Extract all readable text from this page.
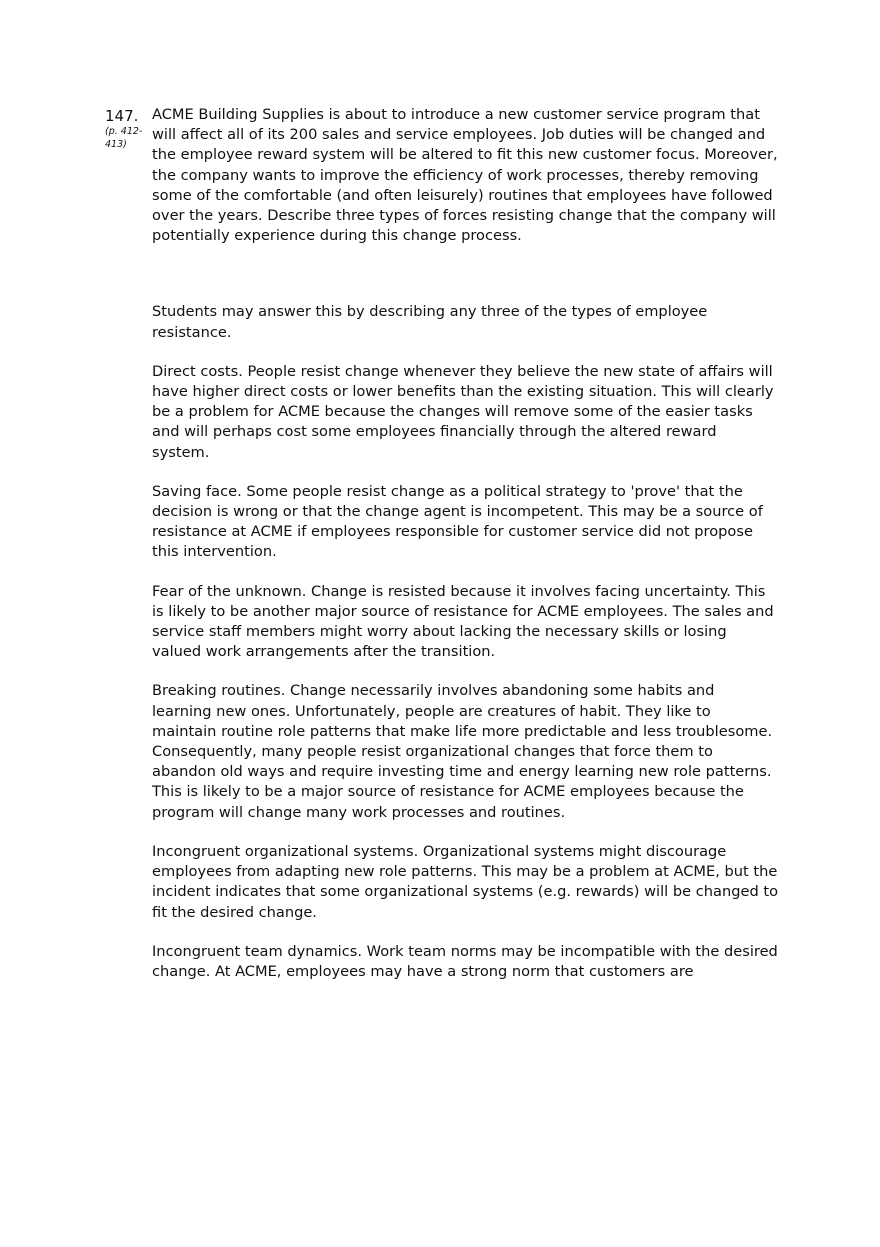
147.
(p. 412-413)

ACME Building Supplies is about to introduce a new customer service program that will affect all of its 200 sales and service employees. Job duties will be changed and the employee reward system will be altered to fit this new customer focus. Moreover, the company wants to improve the efﬁciency of work processes, thereby removing some of the comfortable (and often leisurely) routines that employees have followed over the years. Describe three types of forces resisting change that the company will potentially experience during this change process.

Students may answer this by describing any three of the types of employee resistance.

Direct costs. People resist change whenever they believe the new state of affairs will have higher direct costs or lower benefits than the existing situation. This will clearly be a problem for ACME because the changes will remove some of the easier tasks and will perhaps cost some employees financially through the altered reward system.

Saving face. Some people resist change as a political strategy to 'prove' that the decision is wrong or that the change agent is incompetent. This may be a source of resistance at ACME if employees responsible for customer service did not propose this intervention.

Fear of the unknown. Change is resisted because it involves facing uncertainty. This is likely to be another major source of resistance for ACME employees. The sales and service staff members might worry about lacking the necessary skills or losing valued work arrangements after the transition.

Breaking routines. Change necessarily involves abandoning some habits and learning new ones. Unfortunately, people are creatures of habit. They like to maintain routine role patterns that make life more predictable and less troublesome. Consequently, many people resist organizational changes that force them to abandon old ways and require investing time and energy learning new role patterns. This is likely to be a major source of resistance for ACME employees because the program will change many work processes and routines.

Incongruent organizational systems. Organizational systems might discourage employees from adapting new role patterns. This may be a problem at ACME, but the incident indicates that some organizational systems (e.g. rewards) will be changed to fit the desired change.

Incongruent team dynamics. Work team norms may be incompatible with the desired change. At ACME, employees may have a strong norm that customers are
